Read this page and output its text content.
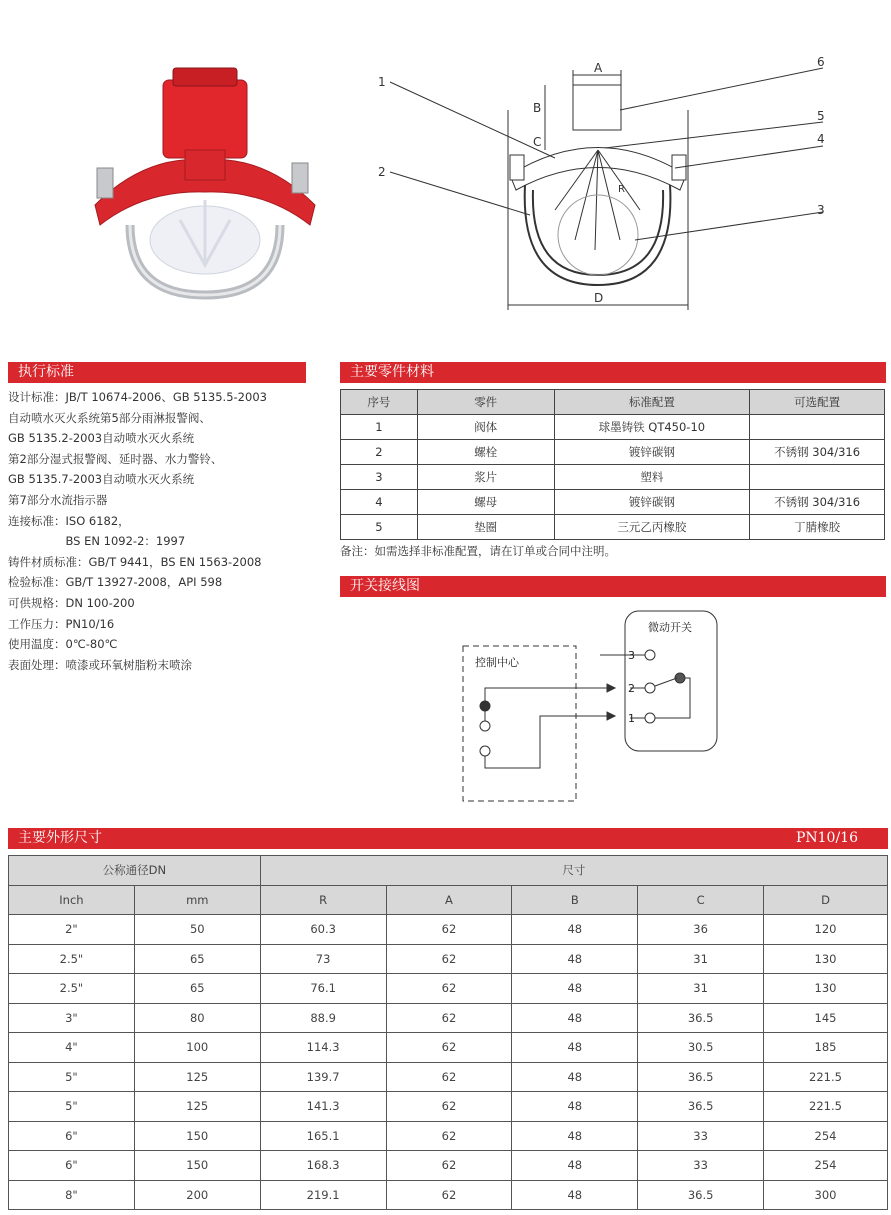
1
2
3
4
5
6
A
B
C
D
R
执行标准
设计标准：JB/T 10674-2006、GB 5135.5-2003
自动喷水灭火系统第5部分雨淋报警阀、
GB 5135.2-2003自动喷水灭火系统
第2部分湿式报警阀、延时器、水力警铃、
GB 5135.7-2003自动喷水灭火系统
第7部分水流指示器
连接标准：ISO 6182，
　　　　　BS EN 1092-2：1997
铸件材质标准：GB/T 9441，BS EN 1563-2008
检验标准：GB/T 13927-2008，API 598
可供规格：DN 100-200
工作压力：PN10/16
使用温度：0℃-80℃
表面处理：喷漆或环氧树脂粉末喷涂
主要零件材料
序号	零件	标准配置	可选配置
1	阀体	球墨铸铁 QT450-10	
2	螺栓	镀锌碳钢	不锈钢 304/316
3	浆片	塑料	
4	螺母	镀锌碳钢	不锈钢 304/316
5	垫圈	三元乙丙橡胶	丁腈橡胶
备注：如需选择非标准配置，请在订单或合同中注明。
开关接线图
控制中心
微动开关
3
2
1
主要外形尺寸	PN10/16
公称通径DN		尺寸				
Inch	mm	R	A	B	C	D
2"	50	60.3	62	48	36	120
2.5"	65	73	62	48	31	130
2.5"	65	76.1	62	48	31	130
3"	80	88.9	62	48	36.5	145
4"	100	114.3	62	48	30.5	185
5"	125	139.7	62	48	36.5	221.5
5"	125	141.3	62	48	36.5	221.5
6"	150	165.1	62	48	33	254
6"	150	168.3	62	48	33	254
8"	200	219.1	62	48	36.5	300
